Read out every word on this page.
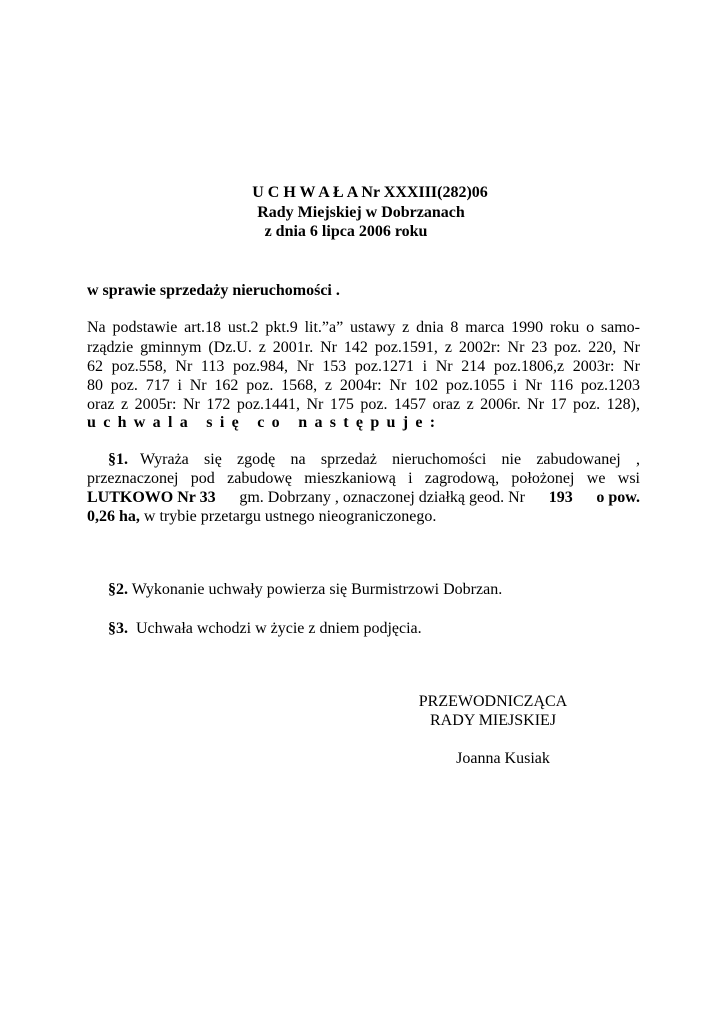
U C H W A Ł A Nr XXXIII(282)06
Rady Miejskiej w Dobrzanach
z dnia 6 lipca 2006 roku
w sprawie sprzedaży nieruchomości .
Na podstawie art.18 ust.2 pkt.9 lit.”a” ustawy z dnia 8 marca 1990 roku o samo-
rządzie gminnym (Dz.U. z 2001r. Nr 142 poz.1591, z 2002r: Nr 23 poz. 220, Nr
62 poz.558, Nr 113 poz.984, Nr 153 poz.1271 i Nr 214 poz.1806,z 2003r: Nr
80 poz. 717 i Nr 162 poz. 1568, z 2004r: Nr 102 poz.1055 i Nr 116 poz.1203
oraz z 2005r: Nr 172 poz.1441, Nr 175 poz. 1457 oraz z 2006r. Nr 17 poz. 128),
uchwala się co następuje:
§1. Wyraża się zgodę na sprzedaż nieruchomości nie zabudowanej ,
przeznaczonej pod zabudowę mieszkaniową i zagrodową, położonej we wsi
LUTKOWO Nr 33 gm. Dobrzany , oznaczonej działką geod. Nr 193 o pow.
0,26 ha, w trybie przetargu ustnego nieograniczonego.
§2. Wykonanie uchwały powierza się Burmistrzowi Dobrzan.
§3. Uchwała wchodzi w życie z dniem podjęcia.
PRZEWODNICZĄCA
RADY MIEJSKIEJ
Joanna Kusiak
